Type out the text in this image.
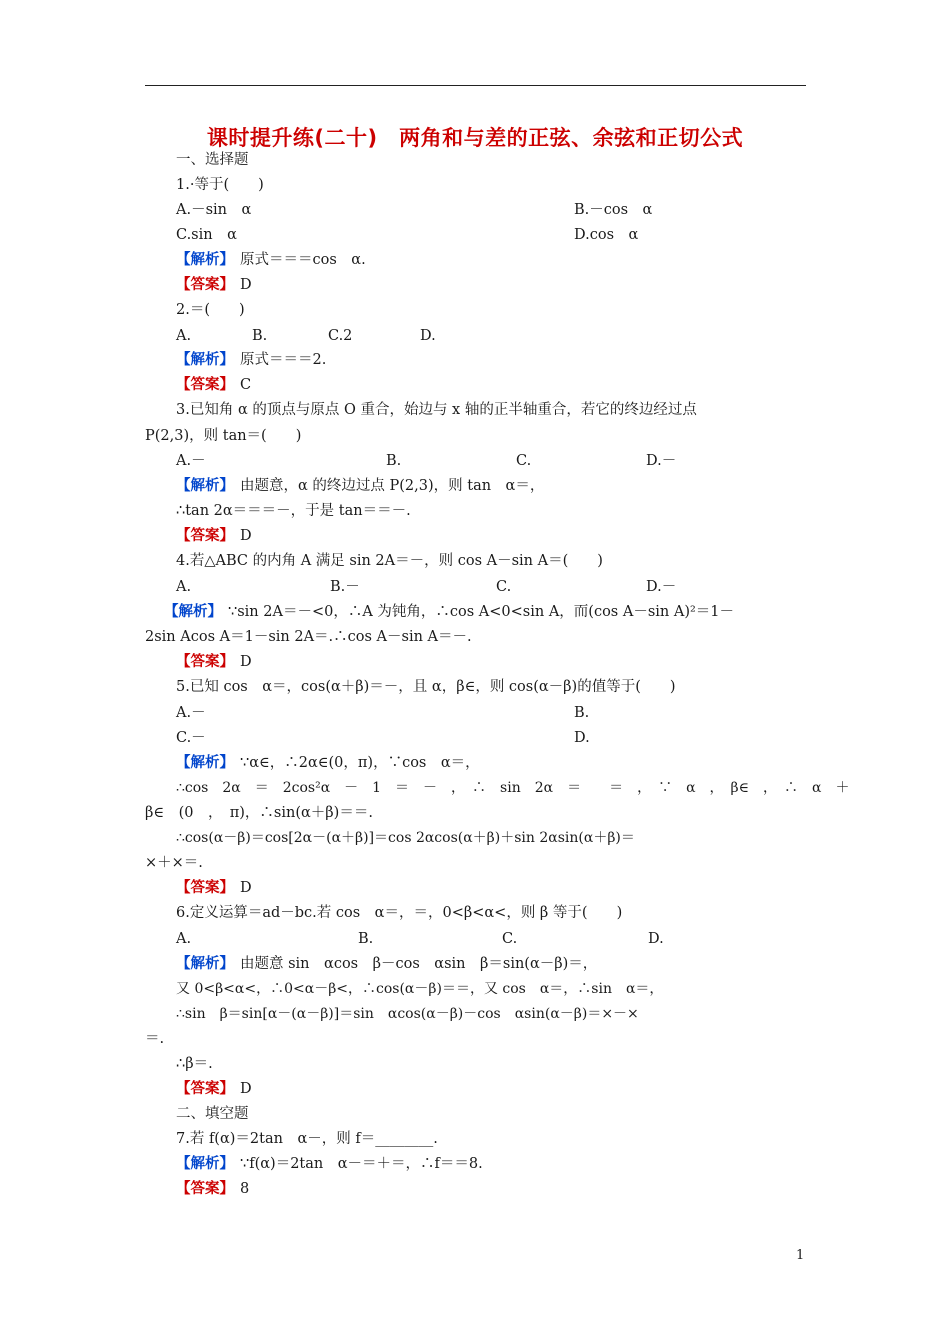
课时提升练(二十)　两角和与差的正弦、余弦和正切公式
一、选择题
1.·等于(　　)
A.－sin　α	B.－cos　α
C.sin　α	D.cos　α
【解析】 原式＝＝＝cos　α.
【答案】 D
2.＝(　　)
A.	B.	C.2	D.
【解析】 原式＝＝＝2.
【答案】 C
3.已知角 α 的顶点与原点 O 重合，始边与 x 轴的正半轴重合，若它的终边经过点
P(2,3)，则 tan＝(　　)
A.－	B.	C.	D.－
【解析】 由题意，α 的终边过点 P(2,3)，则 tan　α＝，
∴tan 2α＝＝＝－，于是 tan＝＝－.
【答案】 D
4.若△ABC 的内角 A 满足 sin 2A＝－，则 cos A－sin A＝(　　)
A.	B.－	C.	D.－
【解析】 ∵sin 2A＝－<0，∴A 为钝角，∴cos A<0<sin A，而(cos A－sin A)²＝1－
2sin Acos A＝1－sin 2A＝.∴cos A－sin A＝－.
【答案】 D
5.已知 cos　α＝，cos(α＋β)＝－，且 α，β∈，则 cos(α－β)的值等于(　　)
A.－	B.
C.－	D.
【解析】 ∵α∈，∴2α∈(0，π)，∵cos　α＝，
∴cos　2α　＝　2cos²α　－　1　＝　－　，　∴　sin　2α　＝　　＝　，　∵　α　，　β∈　，　∴　α　＋
β∈　(0　，　π)，∴sin(α＋β)＝＝.
∴cos(α－β)＝cos[2α－(α＋β)]＝cos 2αcos(α＋β)＋sin 2αsin(α＋β)＝
×＋×＝.
【答案】 D
6.定义运算＝ad－bc.若 cos　α＝，＝，0<β<α<，则 β 等于(　　)
A.	B.	C.	D.
【解析】 由题意 sin　αcos　β－cos　αsin　β＝sin(α－β)＝，
又 0<β<α<，∴0<α－β<，∴cos(α－β)＝＝，又 cos　α＝，∴sin　α＝，
∴sin　β＝sin[α－(α－β)]＝sin　αcos(α－β)－cos　αsin(α－β)＝×－×
＝.
∴β＝.
【答案】 D
二、填空题
7.若 f(α)＝2tan　α－，则 f＝________.
【解析】 ∵f(α)＝2tan　α－＝＋＝，∴f＝＝8.
【答案】 8
1
